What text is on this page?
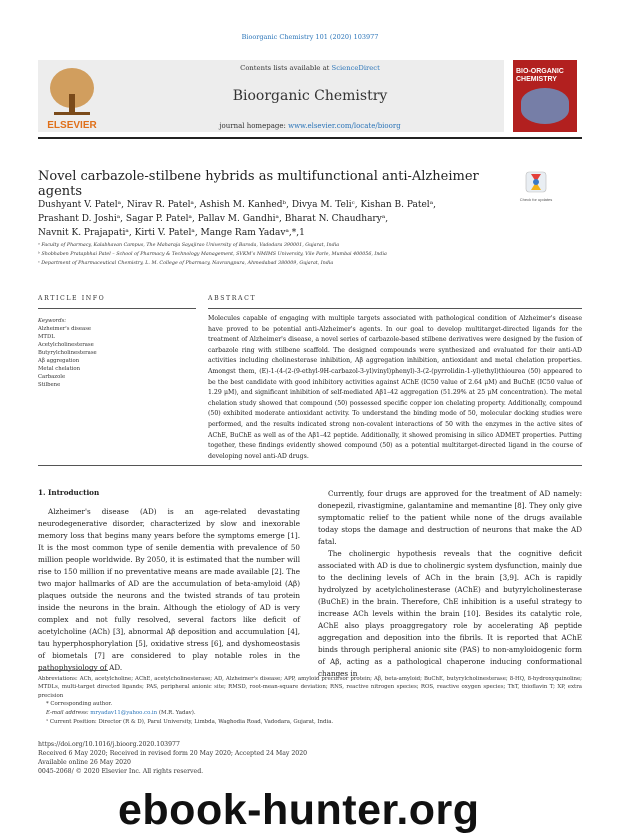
Bioorganic Chemistry 101 (2020) 103977
ELSEVIER
Contents lists available at ScienceDirect
Bioorganic Chemistry
journal homepage: www.elsevier.com/locate/bioorg
BIO-ORGANIC CHEMISTRY
Novel carbazole-stilbene hybrids as multifunctional anti-Alzheimer agents
Check for updates
Dushyant V. Patelᵃ, Nirav R. Patelᵃ, Ashish M. Kanhedᵇ, Divya M. Teliᶜ, Kishan B. Patelᵃ,
Prashant D. Joshiᵃ, Sagar P. Patelᵃ, Pallav M. Gandhiᵃ, Bharat N. Chaudharyᵃ,
Navnit K. Prajapatiᵃ, Kirti V. Patelᵃ, Mange Ram Yadavᵃ,*,1
ᵃ Faculty of Pharmacy, Kalabhavan Campus, The Maharaja Sayajirao University of Baroda, Vadodara 390001, Gujarat, India
ᵇ Shobhaben Pratapbhai Patel – School of Pharmacy & Technology Management, SVKM’s NMIMS University, Vile Parle, Mumbai 400056, India
ᶜ Department of Pharmaceutical Chemistry, L. M. College of Pharmacy, Navrangpura, Ahmedabad 380009, Gujarat, India
ARTICLE INFO	ABSTRACT
Keywords:
Alzheimer's disease
MTDL
Acetylcholinesterase
Butyrylcholinesterase
Aβ aggregation
Metal chelation
Carbazole
Stilbene
Molecules capable of engaging with multiple targets associated with pathological condition of Alzheimer's disease have proved to be potential anti-Alzheimer's agents. In our goal to develop multitarget-directed ligands for the treatment of Alzheimer's disease, a novel series of carbazole-based stilbene derivatives were designed by the fusion of carbazole ring with stilbene scaffold. The designed compounds were synthesized and evaluated for their anti-AD activities including cholinesterase inhibition, Aβ aggregation inhibition, antioxidant and metal chelation properties. Amongst them, (E)-1-(4-(2-(9-ethyl-9H-carbazol-3-yl)vinyl)phenyl)-3-(2-(pyrrolidin-1-yl)ethyl)thiourea (50) appeared to be the best candidate with good inhibitory activities against AChE (IC50 value of 2.64 μM) and BuChE (IC50 value of 1.29 μM), and significant inhibition of self-mediated Aβ1–42 aggregation (51.29% at 25 μM concentration). The metal chelation study showed that compound (50) possessed specific copper ion chelating property. Additionally, compound (50) exhibited moderate antioxidant activity. To understand the binding mode of 50, molecular docking studies were performed, and the results indicated strong non-covalent interactions of 50 with the enzymes in the active sites of AChE, BuChE as well as of the Aβ1–42 peptide. Additionally, it showed promising in silico ADMET properties. Putting together, these findings evidently showed compound (50) as a potential multitarget-directed ligand in the course of developing novel anti-AD drugs.
1. Introduction
Alzheimer's disease (AD) is an age-related devastating neurodegenerative disorder, characterized by slow and inexorable memory loss that begins many years before the symptoms emerge [1]. It is the most common type of senile dementia with prevalence of 50 million people worldwide. By 2050, it is estimated that the number will rise to 150 million if no preventative means are made available [2]. The two major hallmarks of AD are the accumulation of beta-amyloid (Aβ) plaques outside the neurons and the twisted strands of tau protein inside the neurons in the brain. Although the etiology of AD is very complex and not fully resolved, several factors like deficit of acetylcholine (ACh) [3], abnormal Aβ deposition and accumulation [4], tau hyperphosphorylation [5], oxidative stress [6], and dyshomeostasis of biometals [7] are considered to play notable roles in the pathophysiology of AD.
Currently, four drugs are approved for the treatment of AD namely: donepezil, rivastigmine, galantamine and memantine [8]. They only give symptomatic relief to the patient while none of the drugs available today stops the damage and destruction of neurons that make the AD fatal.
The cholinergic hypothesis reveals that the cognitive deficit associated with AD is due to cholinergic system dysfunction, mainly due to the declining levels of ACh in the brain [3,9]. ACh is rapidly hydrolyzed by acetylcholinesterase (AChE) and butyrylcholinesterase (BuChE) in the brain. Therefore, ChE inhibition is a useful strategy to increase ACh levels within the brain [10]. Besides its catalytic role, AChE also plays proaggregatory role by accelerating Aβ peptide aggregation and deposition into the fibrils. It is reported that AChE binds through peripheral anionic site (PAS) to non-amyloidogenic form of Aβ, acting as a pathological chaperone inducing conformational changes in
Abbreviations: ACh, acetylcholine; AChE, acetylcholinesterase; AD, Alzheimer's disease; APP, amyloid precursor protein; Aβ, beta-amyloid; BuChE, butyrylcholinesterase; 8-HQ, 8-hydroxyquinoline; MTDLs, multi-target directed ligands; PAS, peripheral anionic site; RMSD, root-mean-square deviation; RNS, reactive nitrogen species; ROS, reactive oxygen species; ThT, thioflavin T; XP, extra precision
* Corresponding author.
E-mail address: mryadav11@yahoo.co.in (M.R. Yadav).
¹ Current Position: Director (R & D), Parul University, Limbda, Waghodia Road, Vadodara, Gujarat, India.
https://doi.org/10.1016/j.bioorg.2020.103977
Received 6 May 2020; Received in revised form 20 May 2020; Accepted 24 May 2020
Available online 26 May 2020
0045-2068/ © 2020 Elsevier Inc. All rights reserved.
ebook-hunter.org
